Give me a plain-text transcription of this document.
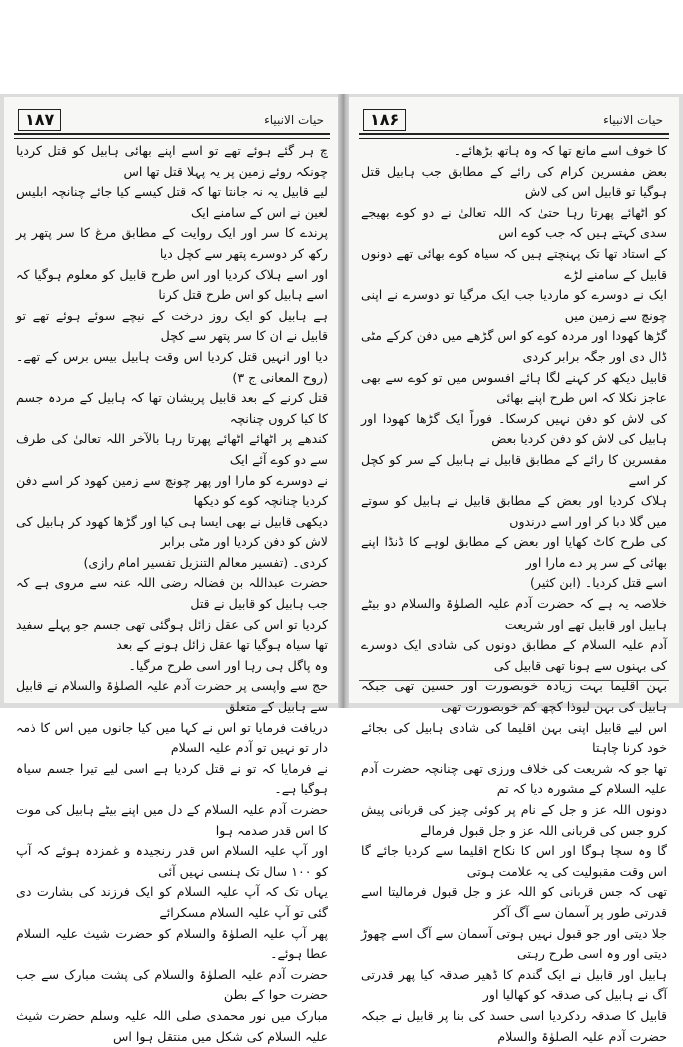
۱۸۷	حیات الانبیاء

چ ہر گئے ہوئے تھے تو اسے اپنے بھائی ہابیل کو قتل کردیا چونکہ روئے زمین پر یہ پہلا قتل تھا اس

لیے قابیل یہ نہ جانتا تھا کہ قتل کیسے کیا جائے چنانچہ ابلیس لعین نے اس کے سامنے ایک

پرندے کا سر اور ایک روایت کے مطابق مرغ کا سر پتھر پر رکھ کر دوسرے پتھر سے کچل دیا

اور اسے ہلاک کردیا اور اس طرح قابیل کو معلوم ہوگیا کہ اسے ہابیل کو اس طرح قتل کرنا

ہے ہابیل کو ایک روز درخت کے نیچے سوئے ہوئے تھے تو قابیل نے ان کا سر پتھر سے کچل

دیا اور انہیں قتل کردیا اس وقت ہابیل بیس برس کے تھے۔ (روح المعانی ج ۳)

قتل کرنے کے بعد قابیل پریشان تھا کہ ہابیل کے مردہ جسم کا کیا کروں چنانچہ

کندھے پر اٹھائے اٹھائے پھرتا رہا بالآخر اللہ تعالیٰ کی طرف سے دو کوے آئے ایک

نے دوسرے کو مارا اور پھر چونچ سے زمین کھود کر اسے دفن کردیا چنانچہ کوے کو دیکھا

دیکھی قابیل نے بھی ایسا ہی کیا اور گڑھا کھود کر ہابیل کی لاش کو دفن کردیا اور مٹی برابر

کردی۔ (تفسیر معالم التنزیل تفسیر امام رازی)

حضرت عبداللہ بن فضالہ رضی اللہ عنہ سے مروی ہے کہ جب ہابیل کو قابیل نے قتل

کردیا تو اس کی عقل زائل ہوگئی تھی جسم جو پہلے سفید تھا سیاہ ہوگیا تھا عقل زائل ہونے کے بعد

وہ پاگل ہی رہا اور اسی طرح مرگیا۔

حج سے واپسی پر حضرت آدم علیہ الصلوٰۃ والسلام نے قابیل سے ہابیل کے متعلق

دریافت فرمایا تو اس نے کہا میں کیا جانوں میں اس کا ذمہ دار تو نہیں تو آدم علیہ السلام

نے فرمایا کہ تو نے قتل کردیا ہے اسی لیے تیرا جسم سیاہ ہوگیا ہے۔

حضرت آدم علیہ السلام کے دل میں اپنے بیٹے ہابیل کی موت کا اس قدر صدمہ ہوا

اور آپ علیہ السلام اس قدر رنجیدہ و غمزدہ ہوئے کہ آپ کو ۱۰۰ سال تک ہنسی نہیں آئی

یہاں تک کہ آپ علیہ السلام کو ایک فرزند کی بشارت دی گئی تو آپ علیہ السلام مسکرائے

پھر آپ علیہ الصلوٰۃ والسلام کو حضرت شیث علیہ السلام عطا ہوئے۔

حضرت آدم علیہ الصلوٰۃ والسلام کی پشت مبارک سے جب حضرت حوا کے بطن

مبارک میں نور محمدی صلی اللہ علیہ وسلم حضرت شیث علیہ السلام کی شکل میں منتقل ہوا اس

۱۸۶	حیات الانبیاء

کا خوف اسے مانع تھا کہ وہ ہاتھ بڑھائے۔

بعض مفسرین کرام کی رائے کے مطابق جب ہابیل قتل ہوگیا تو قابیل اس کی لاش

کو اٹھائے پھرتا رہا حتیٰ کہ اللہ تعالیٰ نے دو کوے بھیجے سدی کہتے ہیں کہ جب کوے اس

کے استاد تھا تک پہنچتے ہیں کہ سیاہ کوے بھائی تھے دونوں قابیل کے سامنے لڑے

ایک نے دوسرے کو ماردیا جب ایک مرگیا تو دوسرے نے اپنی چونچ سے زمین میں

گڑھا کھودا اور مردہ کوے کو اس گڑھے میں دفن کرکے مٹی ڈال دی اور جگہ برابر کردی

قابیل دیکھ کر کہنے لگا ہائے افسوس میں تو کوے سے بھی عاجز نکلا کہ اس طرح اپنے بھائی

کی لاش کو دفن نہیں کرسکا۔ فوراً ایک گڑھا کھودا اور ہابیل کی لاش کو دفن کردیا بعض

مفسرین کا رائے کے مطابق قابیل نے ہابیل کے سر کو کچل کر اسے

ہلاک کردیا اور بعض کے مطابق قابیل نے ہابیل کو سوتے میں گلا دبا کر اور اسے درندوں

کی طرح کاٹ کھایا اور بعض کے مطابق لوہے کا ڈنڈا اپنے بھائی کے سر پر دے مارا اور

اسے قتل کردیا۔ (ابن کثیر)

خلاصہ یہ ہے کہ حضرت آدم علیہ الصلوٰۃ والسلام دو بیٹے ہابیل اور قابیل تھے اور شریعت

آدم علیہ السلام کے مطابق دونوں کی شادی ایک دوسرے کی بہنوں سے ہونا تھی قابیل کی

بہن اقلیما بہت زیادہ خوبصورت اور حسین تھی جبکہ ہابیل کی بہن لیوذا کچھ کم خوبصورت تھی

اس لیے قابیل اپنی بہن اقلیما کی شادی ہابیل کی بجائے خود کرنا چاہتا

تھا جو کہ شریعت کی خلاف ورزی تھی چنانچہ حضرت آدم علیہ السلام کے مشورہ دیا کہ تم

دونوں اللہ عز و جل کے نام پر کوئی چیز کی قربانی پیش کرو جس کی قربانی اللہ عز و جل قبول فرمالے

گا وہ سچا ہوگا اور اس کا نکاح اقلیما سے کردیا جائے گا اس وقت مقبولیت کی یہ علامت ہوتی

تھی کہ جس قربانی کو اللہ عز و جل قبول فرمالیتا اسے قدرتی طور پر آسمان سے آگ آکر

جلا دیتی اور جو قبول نہیں ہوتی آسمان سے آگ اسے چھوڑ دیتی اور وہ اسی طرح رہتی

ہابیل اور قابیل نے ایک گندم کا ڈھیر صدقہ کیا پھر قدرتی آگ نے ہابیل کی صدقہ کو کھالیا اور

قابیل کا صدقہ ردکردیا اسی حسد کی بنا پر قابیل نے جبکہ حضرت آدم علیہ الصلوٰۃ والسلام
